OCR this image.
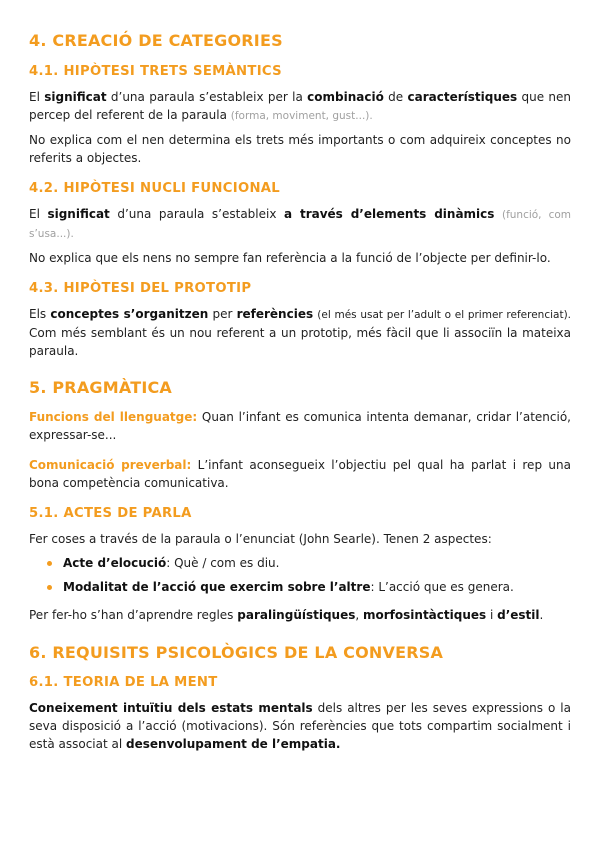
4. CREACIÓ DE CATEGORIES
4.1. HIPÒTESI TRETS SEMÀNTICS

El significat d’una paraula s’estableix per la combinació de característiques que nen percep del referent de la paraula (forma, moviment, gust...).

No explica com el nen determina els trets més importants o com adquireix conceptes no referits a objectes.

4.2. HIPÒTESI NUCLI FUNCIONAL

El significat d’una paraula s’estableix a través d’elements dinàmics (funció, com s’usa...).

No explica que els nens no sempre fan referència a la funció de l’objecte per definir-lo.

4.3. HIPÒTESI DEL PROTOTIP

Els conceptes s’organitzen per referències (el més usat per l’adult o el primer referenciat). Com més semblant és un nou referent a un prototip, més fàcil que li associïn la mateixa paraula.

5. PRAGMÀTICA

Funcions del llenguatge: Quan l’infant es comunica intenta demanar, cridar l’atenció, expressar-se...

Comunicació preverbal: L’infant aconsegueix l’objectiu pel qual ha parlat i rep una bona competència comunicativa.

5.1. ACTES DE PARLA

Fer coses a través de la paraula o l’enunciat (John Searle). Tenen 2 aspectes:

Acte d’elocució: Què / com es diu.
Modalitat de l’acció que exercim sobre l’altre: L’acció que es genera.

Per fer-ho s’han d’aprendre regles paralingüístiques, morfosintàctiques i d’estil.

6. REQUISITS PSICOLÒGICS DE LA CONVERSA
6.1. TEORIA DE LA MENT

Coneixement intuïtiu dels estats mentals dels altres per les seves expressions o la seva disposició a l’acció (motivacions). Són referències que tots compartim socialment i està associat al desenvolupament de l’empatia.
